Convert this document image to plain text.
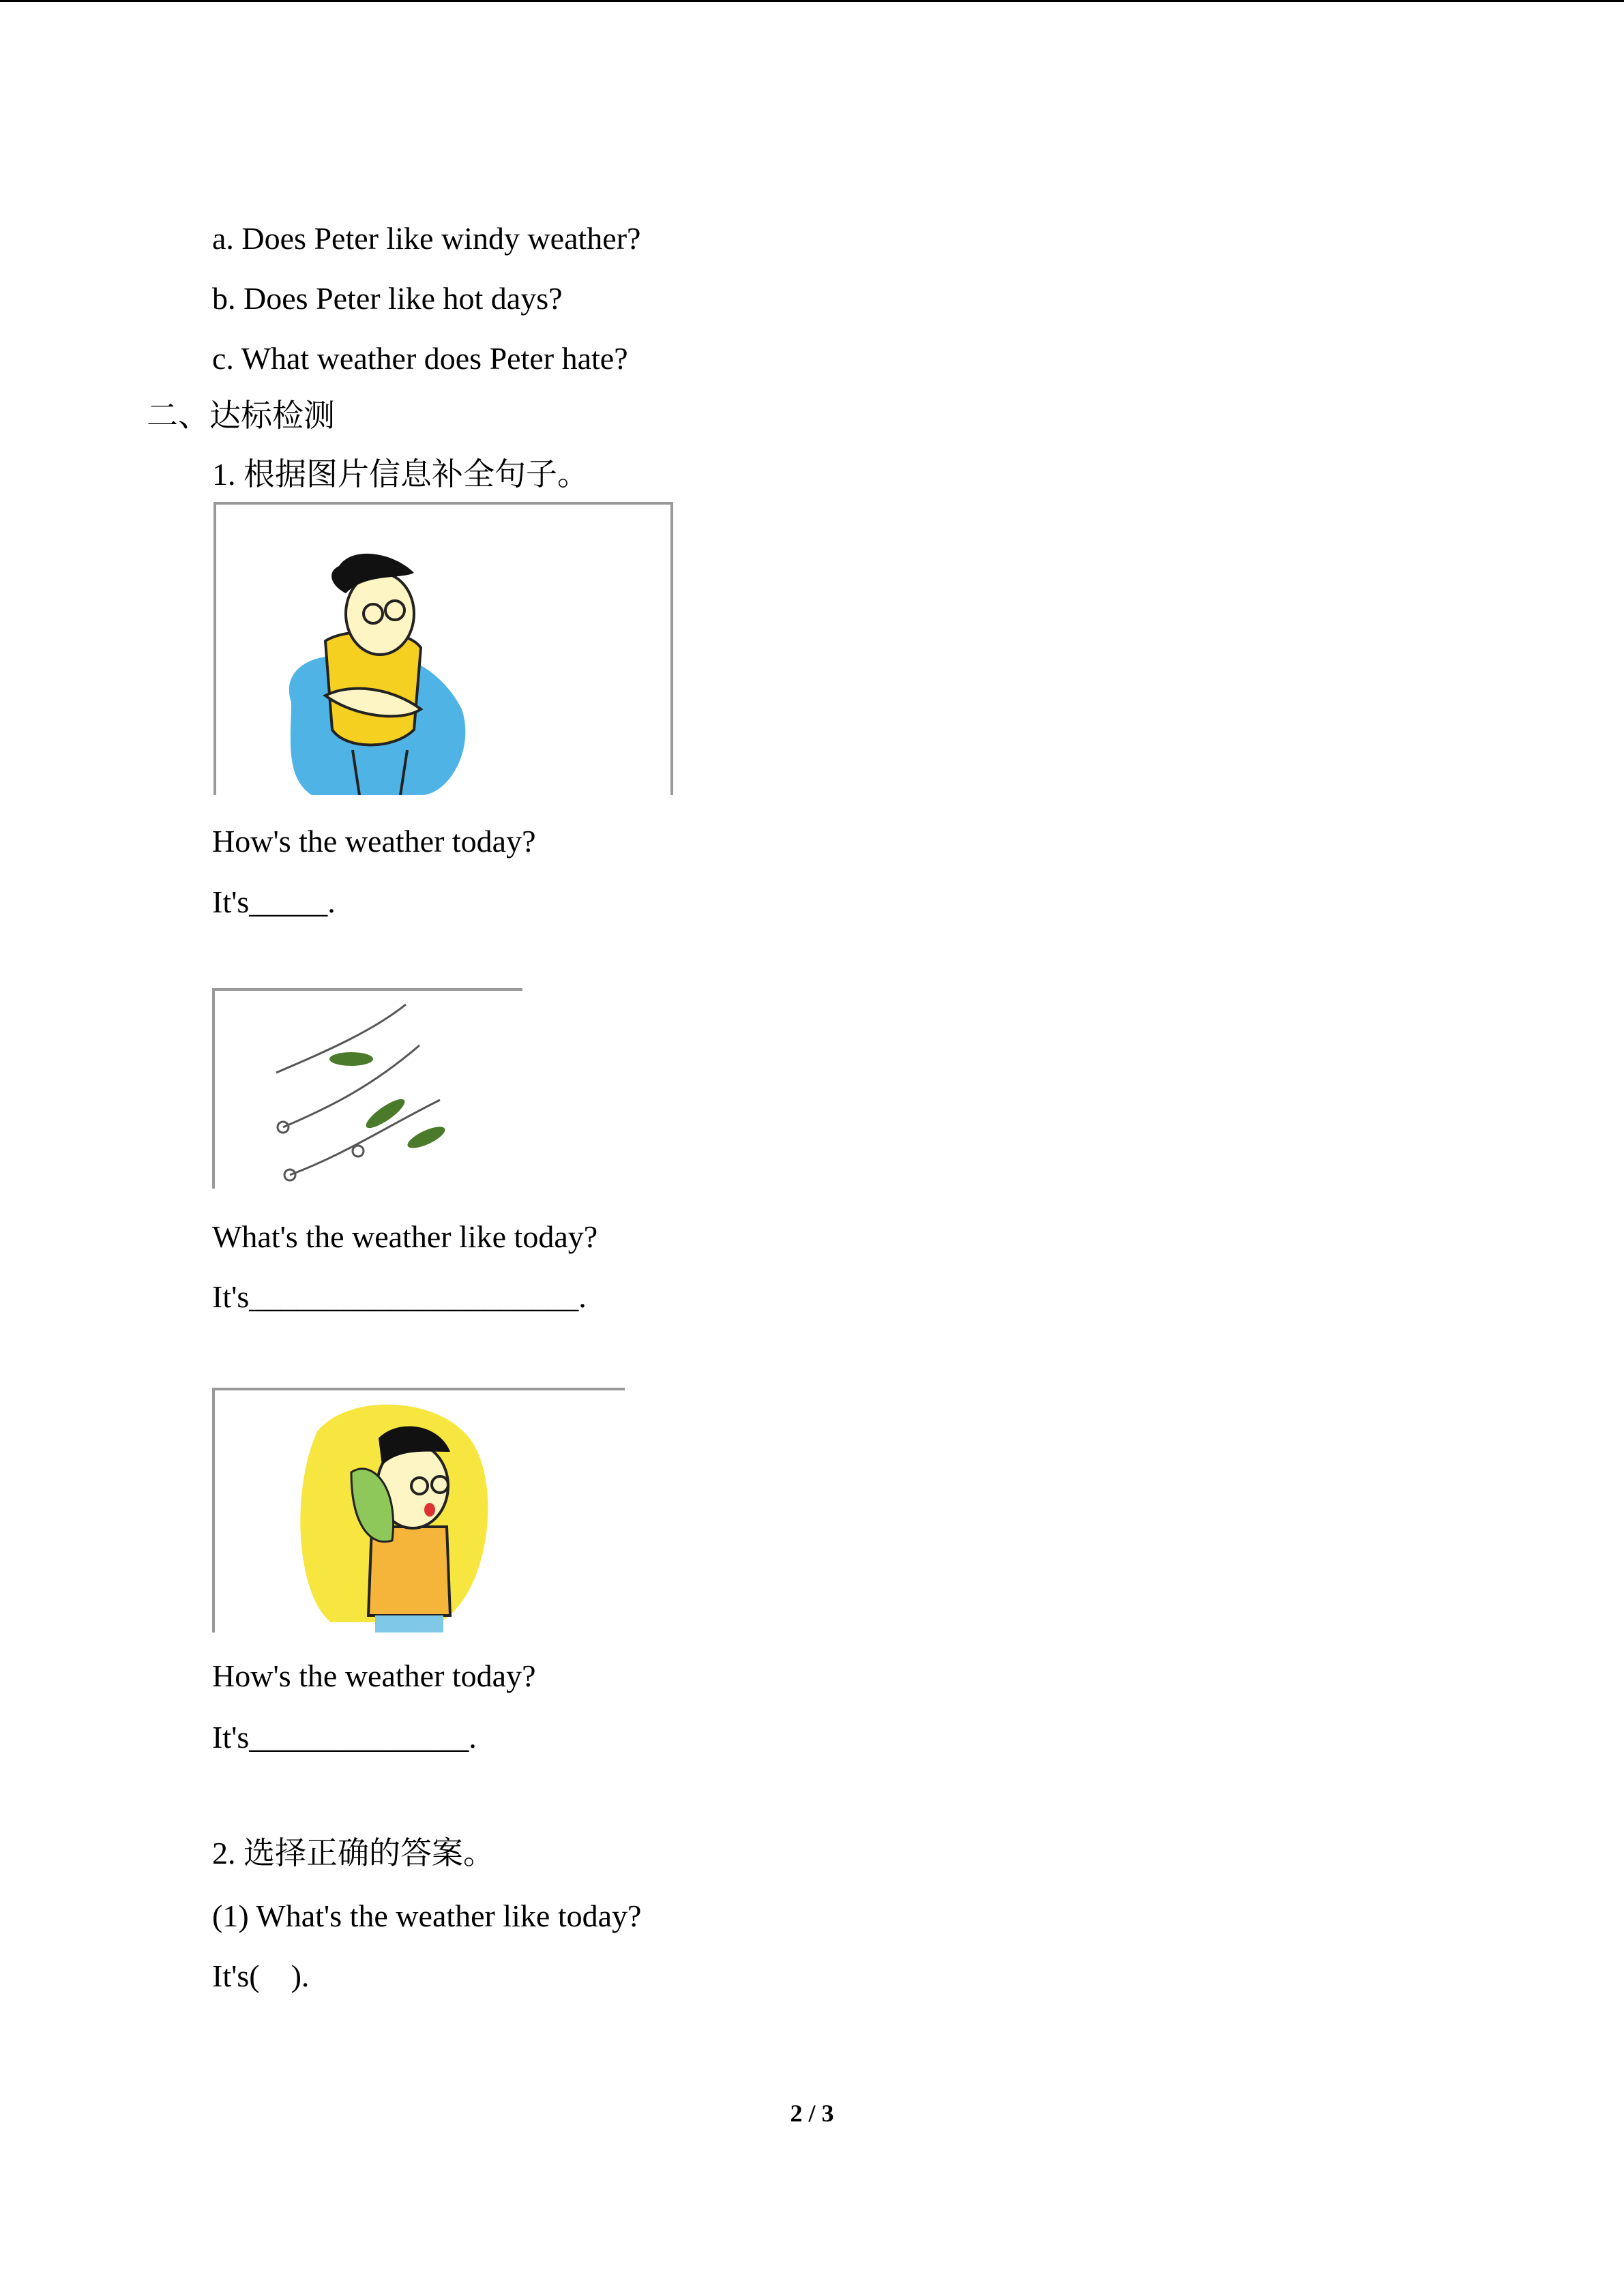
a. Does Peter like windy weather?
b. Does Peter like hot days?
c. What weather does Peter hate?
二、达标检测
1. 根据图片信息补全句子。
How's the weather today?
It's_____.
What's the weather like today?
It's_____________________.
How's the weather today?
It's______________.
2. 选择正确的答案。
(1) What's the weather like today?
It's(    ).
2 / 3
